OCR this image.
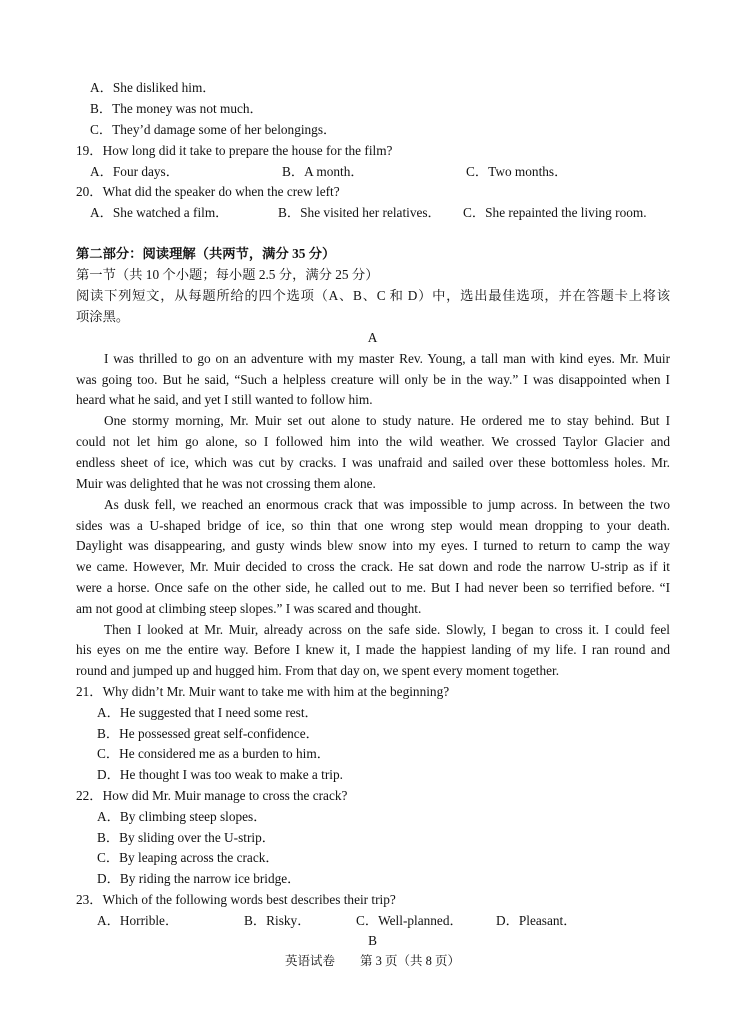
A．She disliked him．
B．The money was not much．
C．They’d damage some of her belongings．
19．How long did it take to prepare the house for the film?
A．Four days．	B．A month．	C．Two months．
20．What did the speaker do when the crew left?
A．She watched a film．	B．She visited her relatives． C．She repainted the living room.
第二部分：阅读理解（共两节，满分 35 分）
第一节（共 10 个小题；每小题 2.5 分，满分 25 分）
阅读下列短文，从每题所给的四个选项（A、B、C 和 D）中，选出最佳选项，并在答题卡上将该
项涂黑。
A
I was thrilled to go on an adventure with my master Rev. Young, a tall man with kind eyes. Mr. Muir
was going too. But he said, “Such a helpless creature will only be in the way.” I was disappointed when I
heard what he said, and yet I still wanted to follow him.
One stormy morning, Mr. Muir set out alone to study nature. He ordered me to stay behind. But I
could not let him go alone, so I followed him into the wild weather. We crossed Taylor Glacier and
endless sheet of ice, which was cut by cracks. I was unafraid and sailed over these bottomless holes. Mr.
Muir was delighted that he was not crossing them alone.
As dusk fell, we reached an enormous crack that was impossible to jump across. In between the two
sides was a U-shaped bridge of ice, so thin that one wrong step would mean dropping to your death.
Daylight was disappearing, and gusty winds blew snow into my eyes. I turned to return to camp the way
we came. However, Mr. Muir decided to cross the crack. He sat down and rode the narrow U-strip as if it
were a horse. Once safe on the other side, he called out to me. But I had never been so terrified before. “I
am not good at climbing steep slopes.” I was scared and thought.
Then I looked at Mr. Muir, already across on the safe side. Slowly, I began to cross it. I could feel
his eyes on me the entire way. Before I knew it, I made the happiest landing of my life. I ran round and
round and jumped up and hugged him. From that day on, we spent every moment together.
21．Why didn’t Mr. Muir want to take me with him at the beginning?
A．He suggested that I need some rest．
B．He possessed great self-confidence．
C．He considered me as a burden to him．
D．He thought I was too weak to make a trip.
22．How did Mr. Muir manage to cross the crack?
A．By climbing steep slopes．
B．By sliding over the U-strip．
C．By leaping across the crack．
D．By riding the narrow ice bridge．
23．Which of the following words best describes their trip?
A．Horrible．	B．Risky．	C．Well-planned． D．Pleasant．
B
英语试卷　　第 3 页（共 8 页）
